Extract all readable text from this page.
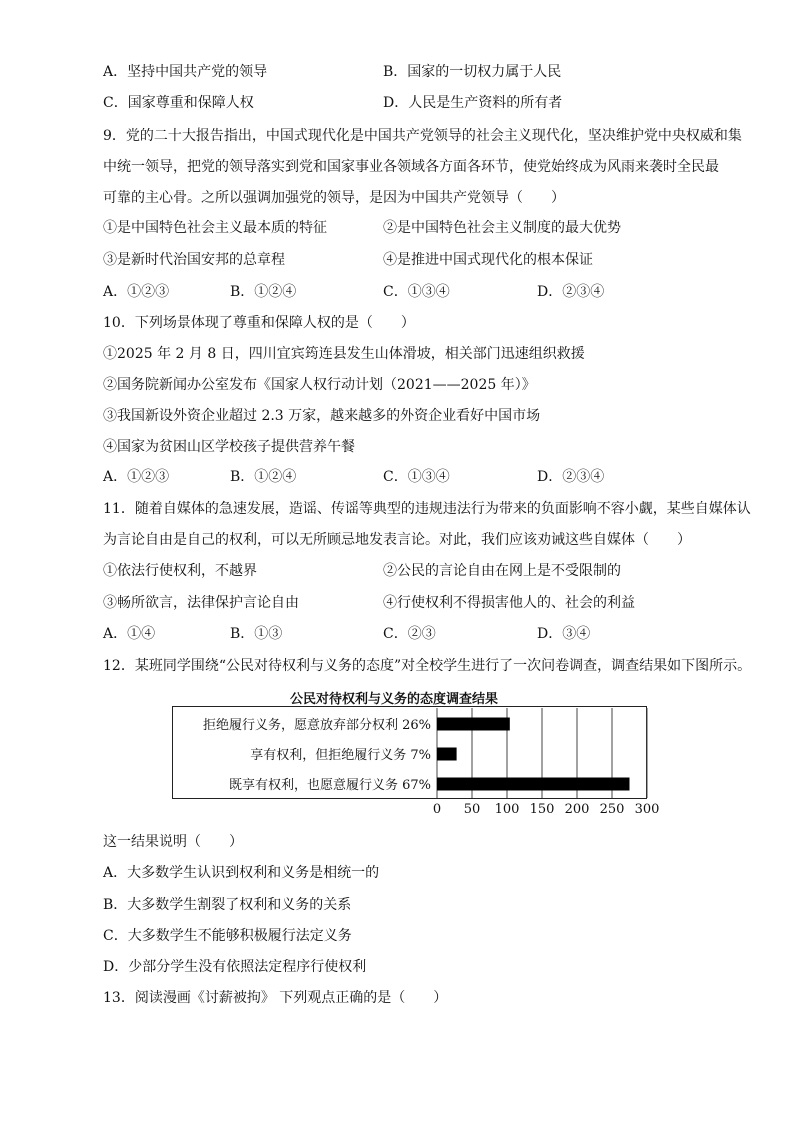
A．坚持中国共产党的领导	B．国家的一切权力属于人民
C．国家尊重和保障人权	D．人民是生产资料的所有者
9．党的二十大报告指出，中国式现代化是中国共产党领导的社会主义现代化，坚决维护党中央权威和集
中统一领导，把党的领导落实到党和国家事业各领域各方面各环节，使党始终成为风雨来袭时全民最
可靠的主心骨。之所以强调加强党的领导，是因为中国共产党领导（　　）
①是中国特色社会主义最本质的特征	②是中国特色社会主义制度的最大优势
③是新时代治国安邦的总章程	④是推进中国式现代化的根本保证
A．①②③	B．①②④	C．①③④	D．②③④
10．下列场景体现了尊重和保障人权的是（　　）
①2025 年 2 月 8 日，四川宜宾筠连县发生山体滑坡，相关部门迅速组织救援
②国务院新闻办公室发布《国家人权行动计划（2021——2025 年）》
③我国新设外资企业超过 2.3 万家，越来越多的外资企业看好中国市场
④国家为贫困山区学校孩子提供营养午餐
A．①②③	B．①②④	C．①③④	D．②③④
11．随着自媒体的急速发展，造谣、传谣等典型的违规违法行为带来的负面影响不容小觑，某些自媒体认
为言论自由是自己的权利，可以无所顾忌地发表言论。对此，我们应该劝诫这些自媒体（　　）
①依法行使权利，不越界	②公民的言论自由在网上是不受限制的
③畅所欲言，法律保护言论自由	④行使权利不得损害他人的、社会的利益
A．①④	B．①③	C．②③	D．③④
12．某班同学围绕“公民对待权利与义务的态度”对全校学生进行了一次问卷调查，调查结果如下图所示。
公民对待权利与义务的态度调查结果
0 50 100 150 200 250 300
拒绝履行义务，愿意放弃部分权利 26%
享有权利，但拒绝履行义务 7%
既享有权利，也愿意履行义务 67%
这一结果说明（　　）
A．大多数学生认识到权利和义务是相统一的
B．大多数学生割裂了权利和义务的关系
C．大多数学生不能够积极履行法定义务
D．少部分学生没有依照法定程序行使权利
13．阅读漫画《讨薪被拘》 下列观点正确的是（　　）
